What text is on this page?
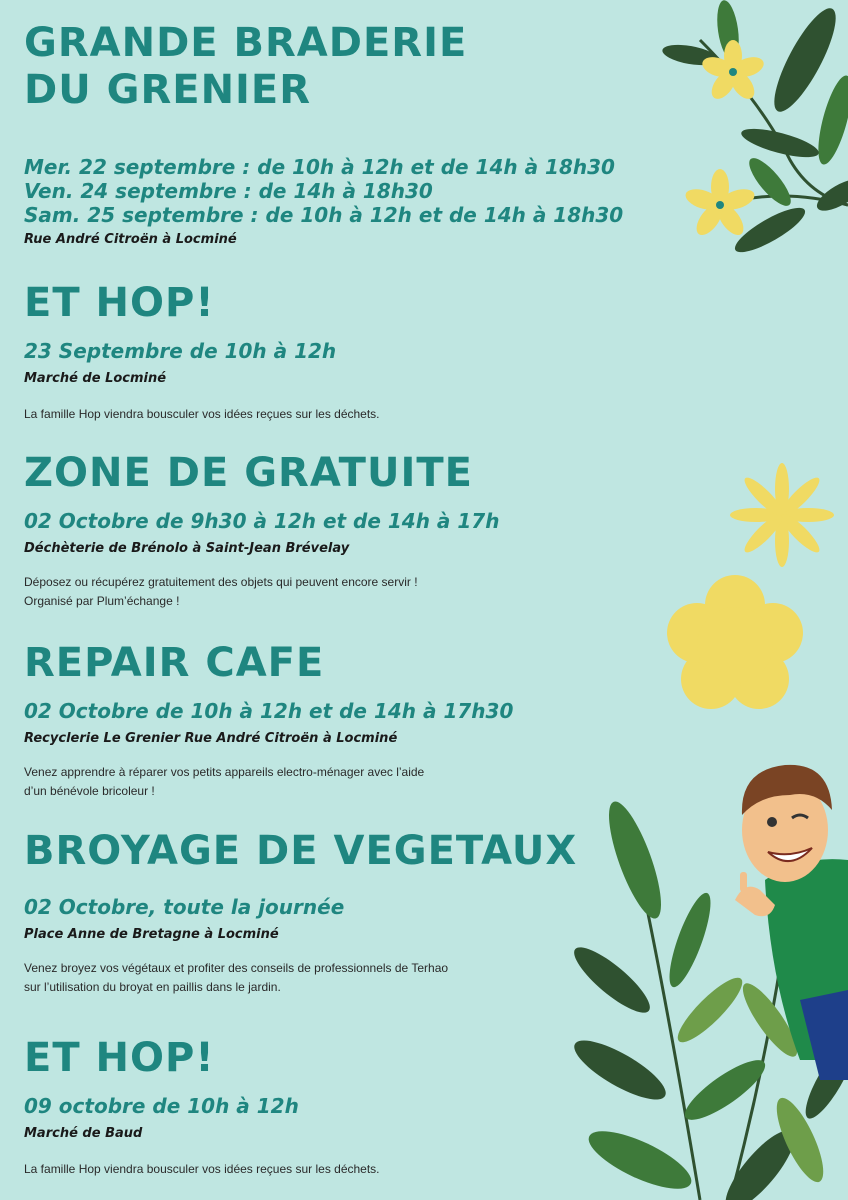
GRANDE BRADERIE
DU GRENIER

Mer. 22 septembre : de 10h à 12h et de 14h à 18h30

Ven. 24 septembre : de 14h à 18h30

Sam. 25 septembre : de 10h à 12h et de 14h à 18h30

Rue André Citroën à Locminé

ET HOP!

23 Septembre de 10h à 12h

Marché de Locminé

La famille Hop viendra bousculer vos idées reçues sur les déchets.

ZONE DE GRATUITE

02 Octobre de 9h30 à 12h et de 14h à 17h

Déchèterie de Brénolo à Saint-Jean Brévelay

Déposez ou récupérez gratuitement des objets qui peuvent encore servir !

Organisé par Plum’échange !

REPAIR CAFE

02 Octobre de 10h à 12h et de 14h à 17h30

Recyclerie Le Grenier Rue André Citroën à Locminé

Venez apprendre à réparer vos petits appareils electro-ménager avec l’aide

d’un bénévole bricoleur !

BROYAGE DE VEGETAUX

02 Octobre, toute la journée

Place Anne de Bretagne à Locminé

Venez broyez vos végétaux et profiter des conseils de professionnels de Terhao

sur l’utilisation du broyat en paillis dans le jardin.

ET HOP!

09 octobre de 10h à 12h

Marché de Baud

La famille Hop viendra bousculer vos idées reçues sur les déchets.
